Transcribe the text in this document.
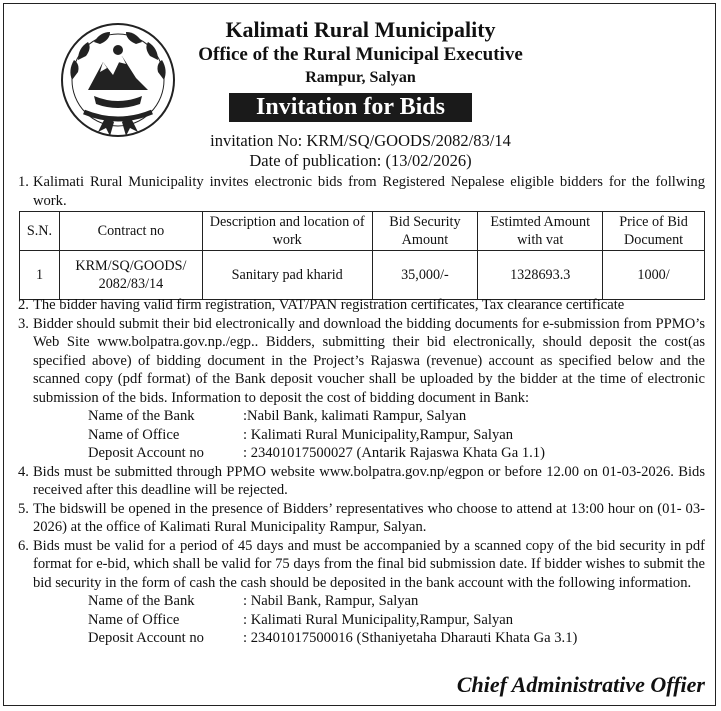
Kalimati Rural Municipality
Office of the Rural Municipal Executive
Rampur, Salyan
Invitation for Bids
invitation No: KRM/SQ/GOODS/2082/83/14
Date of publication: (13/02/2026)
1. Kalimati Rural Municipality invites electronic bids from Registered Nepalese eligible bidders for the follwing work.
S.N.	Contract no	Description and location of work	Bid Security Amount	Estimted Amount with vat	Price of Bid Document
1	KRM/SQ/GOODS/ 2082/83/14	Sanitary pad kharid	35,000/-	1328693.3	1000/
2. The bidder having valid firm registration, VAT/PAN registration certificates, Tax clearance certificate
3. Bidder should submit their bid electronically and download the bidding documents for e-submission from PPMO’s Web Site www.bolpatra.gov.np./egp.. Bidders, submitting their bid electronically, should deposit the cost(as specified above) of bidding document in the Project’s Rajaswa (revenue) account as specified below and the scanned copy (pdf format) of the Bank deposit voucher shall be uploaded by the bidder at the time of electronic submission of the bids. Information to deposit the cost of bidding document in Bank:
Name of the Bank	:Nabil Bank, kalimati Rampur, Salyan
Name of Office	: Kalimati Rural Municipality,Rampur, Salyan
Deposit Account no	: 23401017500027 (Antarik Rajaswa Khata Ga 1.1)
4. Bids must be submitted through PPMO website www.bolpatra.gov.np/egpon or before 12.00 on 01-03-2026. Bids received after this deadline will be rejected.
5. The bidswill be opened in the presence of Bidders’ representatives who choose to attend at 13:00 hour on (01- 03-2026) at the office of Kalimati Rural Municipality Rampur, Salyan.
6. Bids must be valid for a period of 45 days and must be accompanied by a scanned copy of the bid security in pdf format for e-bid, which shall be valid for 75 days from the final bid submission date. If bidder wishes to submit the bid security in the form of cash the cash should be deposited in the bank account with the following information.
Name of the Bank	: Nabil Bank, Rampur, Salyan
Name of Office	: Kalimati Rural Municipality,Rampur, Salyan
Deposit Account no	: 23401017500016 (Sthaniyetaha Dharauti Khata Ga 3.1)
Chief Administrative Offier
